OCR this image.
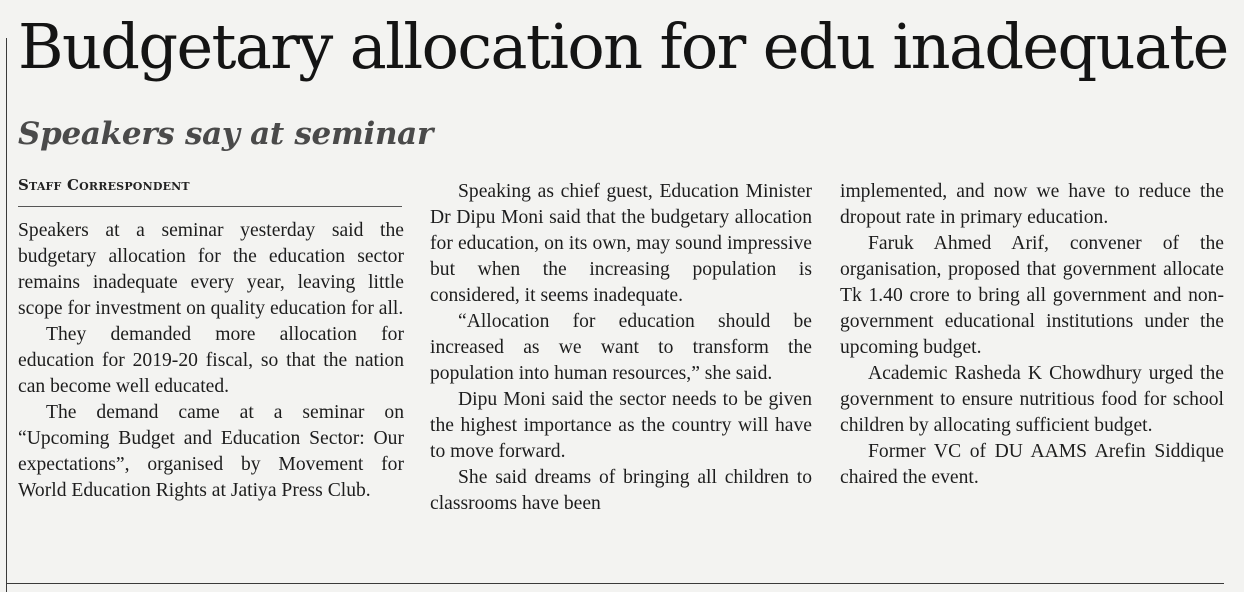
Budgetary allocation for edu inadequate
Speakers say at seminar
Staff Correspondent

Speakers at a seminar yesterday said the budgetary allocation for the education sector remains inadequate every year, leaving little scope for investment on quality education for all.

They demanded more allocation for education for 2019-20 fiscal, so that the nation can become well educated.

The demand came at a seminar on “Upcoming Budget and Education Sector: Our expectations”, organised by Movement for World Education Rights at Jatiya Press Club.

Speaking as chief guest, Education Minister Dr Dipu Moni said that the budgetary allocation for education, on its own, may sound impressive but when the increasing population is considered, it seems inadequate.

“Allocation for education should be increased as we want to transform the population into human resources,” she said.

Dipu Moni said the sector needs to be given the highest importance as the country will have to move forward.

She said dreams of bringing all children to classrooms have been

implemented, and now we have to reduce the dropout rate in primary education.

Faruk Ahmed Arif, convener of the organisation, proposed that government allocate Tk 1.40 crore to bring all government and non-government educational institutions under the upcoming budget.

Academic Rasheda K Chowdhury urged the government to ensure nutritious food for school children by allocating sufficient budget.

Former VC of DU AAMS Arefin Siddique chaired the event.
